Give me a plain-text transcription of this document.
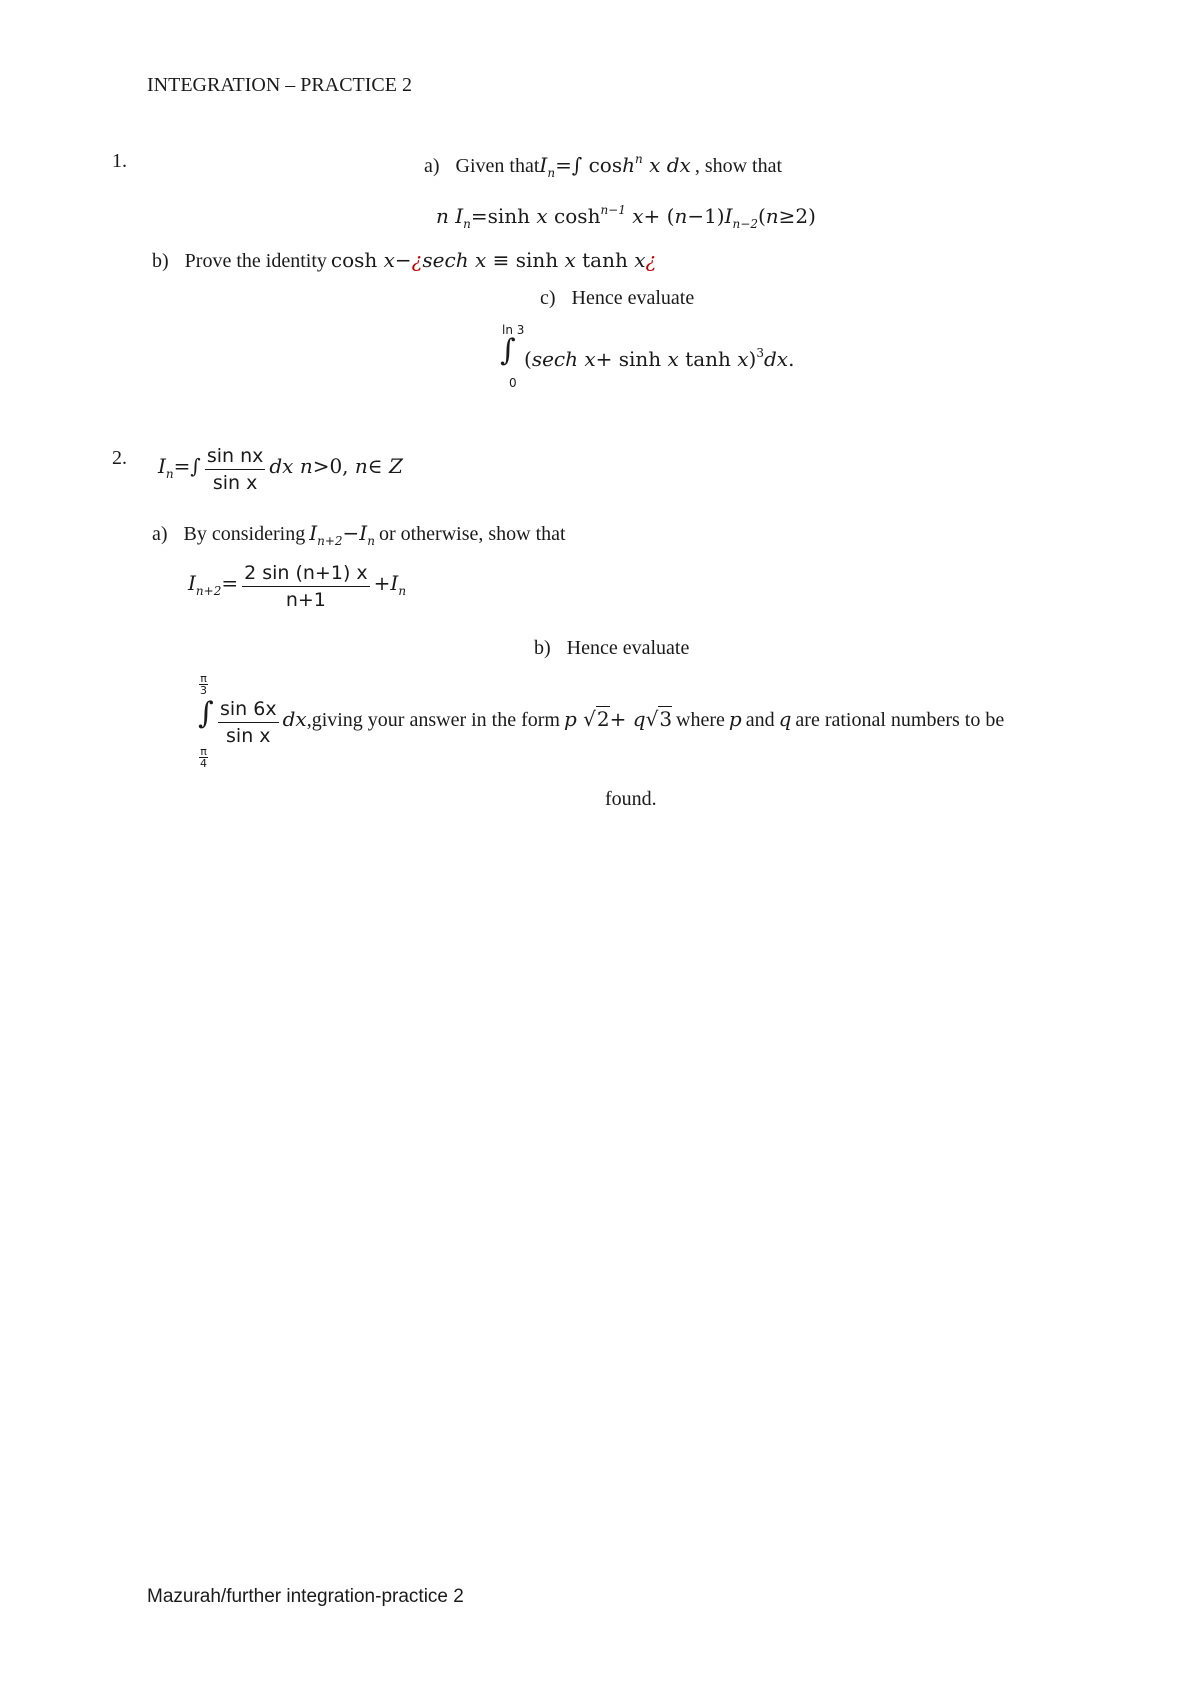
INTEGRATION – PRACTICE 2
1.	a) Given thatI$_n$=∫ $\cosh^n x$ dx , show that
n $I_n=\sinh$ x $\cosh^{n-1} x+ (n-1)I_{n-2}(n\ge 2)$
b) Prove the identity cosh x−¿sech x ≡ sinh x tanh x¿
c) Hence evaluate
ln 3
∫
0
(sech x+ sinh x tanh x)$^3$dx.
2. $I_n=\int \frac{\text{sin nx}}{\text{sin x}}$ dx n>0, n∈ Z
a) By considering $I_{n+2}-I_n$ or otherwise, show that
$I_{n+2}= \frac{2 \sin (n+1) x}{n+1} +I_n$
b) Hence evaluate
π
3
∫
π
4
$\frac{\sin 6x}{\text{sin x}}$ dx,giving your answer in the form p √2+ q√3 where p and q are rational numbers to be
found.
Mazurah/further integration-practice 2
